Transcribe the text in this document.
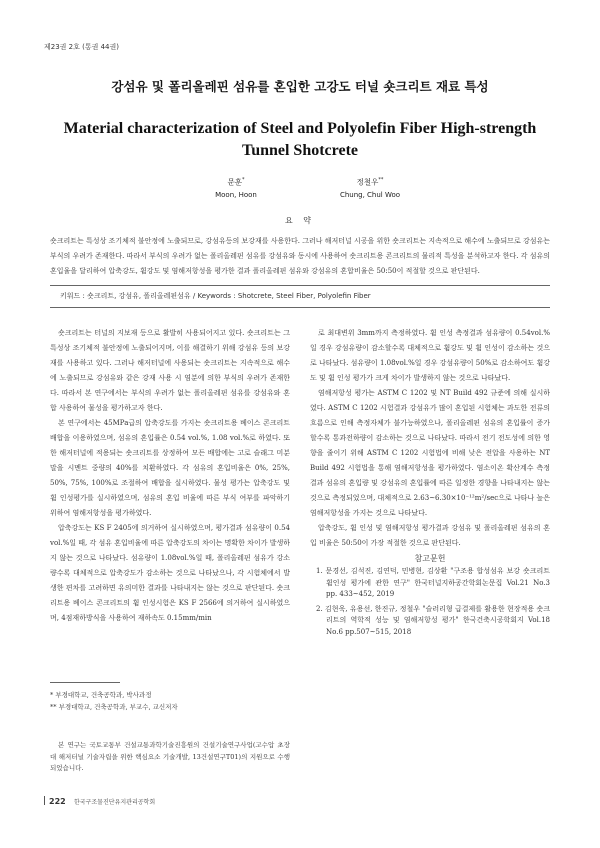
제23권 2호 (통권 44권)
강섬유 및 폴리올레핀 섬유를 혼입한 고강도 터널 숏크리트 재료 특성
Material characterization of Steel and Polyolefin Fiber High-strength Tunnel Shotcrete
문훈*
Moon, Hoon
정철우**
Chung, Chul Woo
요 약
숏크리트는 특성상 조기체적 불안정에 노출되므로, 강섬유등의 보강재를 사용한다. 그러나 해저터널 시공을 위한 숏크리트는 지속적으로 해수에 노출되므로 강섬유는 부식의 우려가 존재한다. 따라서 부식의 우려가 없는 폴리올레핀 섬유를 강섬유와 동시에 사용하여 숏크리트용 콘크리트의 물리적 특성을 분석하고자 한다. 각 섬유의 혼입율을 달리하여 압축강도, 휨강도 및 염해저항성을 평가한 결과 폴리올레핀 섬유와 강섬유의 혼합비율은 50:50이 적절할 것으로 판단된다.
키워드 : 숏크리트, 강섬유, 폴리올레핀섬유 / Keywords : Shotcrete, Steel Fiber, Polyolefin Fiber

숏크리트는 터널의 지보재 등으로 활발히 사용되어지고 있다. 숏크리트는 그 특성상 조기체적 불안정에 노출되어지며, 이를 해결하기 위해 강섬유 등의 보강재를 사용하고 있다. 그러나 해저터널에 사용되는 숏크리트는 지속적으로 해수에 노출되므로 강섬유와 같은 강재 사용 시 염분에 의한 부식의 우려가 존재한다. 따라서 본 연구에서는 부식의 우려가 없는 폴리올레핀 섬유를 강섬유와 혼합 사용하여 물성을 평가하고자 한다.

본 연구에서는 45MPa급의 압축강도를 가지는 숏크리트용 베이스 콘크리트 배합을 이용하였으며, 섬유의 혼입률은 0.54 vol.%, 1.08 vol.%로 하였다. 또한 해저터널에 적용되는 숏크리트를 상정하여 모든 배합에는 고로 슬래그 미분말을 시멘트 중량의 40%를 치환하였다. 각 섬유의 혼입비율은 0%, 25%, 50%, 75%, 100%로 조절하여 배합을 실시하였다. 물성 평가는 압축강도 및 휨 인성평가를 실시하였으며, 섬유의 혼입 비율에 따른 부식 여부를 파악하기 위하여 염해저항성을 평가하였다.

압축강도는 KS F 2405에 의거하여 실시하였으며, 평가결과 섬유량이 0.54 vol.%일 때, 각 섬유 혼입비율에 따른 압축강도의 차이는 명확한 차이가 발생하지 않는 것으로 나타났다. 섬유량이 1.08vol.%일 때, 폴리올레핀 섬유가 강소량수록 대체적으로 압축강도가 감소하는 것으로 나타났으나, 각 시험체에서 발생한 편차를 고려하면 유의미한 결과를 나타내지는 않는 것으로 판단된다. 숏크리트용 베이스 콘크리트의 휨 인성시험은 KS F 2566에 의거하여 실시하였으며, 4점재하방식을 사용하여 재하속도 0.15mm/min

로 최대변위 3mm까지 측정하였다. 휨 인성 측정결과 섬유량이 0.54vol.%일 경우 강섬유량이 감소할수록 대체적으로 휨강도 및 휨 인성이 감소하는 것으로 나타났다. 섬유량이 1.08vol.%일 경우 강섬유량이 50%로 감소하여도 휨강도 및 휨 인성 평가가 크게 차이가 발생하지 않는 것으로 나타났다.

염해저항성 평가는 ASTM C 1202 및 NT Build 492 규준에 의해 실시하였다. ASTM C 1202 시험결과 강섬유가 많이 혼입된 시험체는 과도한 전류의 흐름으로 인해 측정자체가 불가능하였으나, 폴리올레핀 섬유의 혼입률이 증가할수록 통과전하량이 감소하는 것으로 나타났다. 따라서 전기 전도성에 의한 영향을 줄이기 위해 ASTM C 1202 시험법에 비해 낮은 전압을 사용하는 NT Build 492 시험법을 통해 염해저항성을 평가하였다. 염소이온 확산계수 측정결과 섬유의 혼입량 및 강섬유의 혼입률에 따른 일정한 경향을 나타내지는 않는 것으로 측정되었으며, 대체적으로 2.63~6.30×10⁻¹²m²/sec으로 나타나 높은 염해저항성을 가지는 것으로 나타났다.

압축강도, 휨 인성 및 염해저항성 평가결과 강섬유 및 폴리올레핀 섬유의 혼입 비율은 50:50이 가장 적절한 것으로 판단된다.

참고문헌

1. 문경선, 김석진, 김연덕, 민병현, 김상환 "구조용 합성섬유 보강 숏크리트 휨인성 평가에 관한 연구" 한국터널지하공간학회논문집 Vol.21 No.3 pp. 433~452, 2019
2. 김현욱, 유용선, 한진규, 정철우 "슬러리형 급결제를 활용한 현장적용 숏크리트의 역학적 성능 및 염해저항성 평가" 한국건축시공학회지 Vol.18 No.6 pp.507~515, 2018
* 부경대학교, 건축공학과, 박사과정
** 부경대학교, 건축공학과, 부교수, 교신저자
본 연구는 국토교통부 건설교통과학기술진흥원의 건설기술연구사업(고수압 초장대 해저터널 기술자립을 위한 핵심요소 기술개발, 13건설연구T01)의 지원으로 수행되었습니다.
222 한국구조물진단유지관리공학회
